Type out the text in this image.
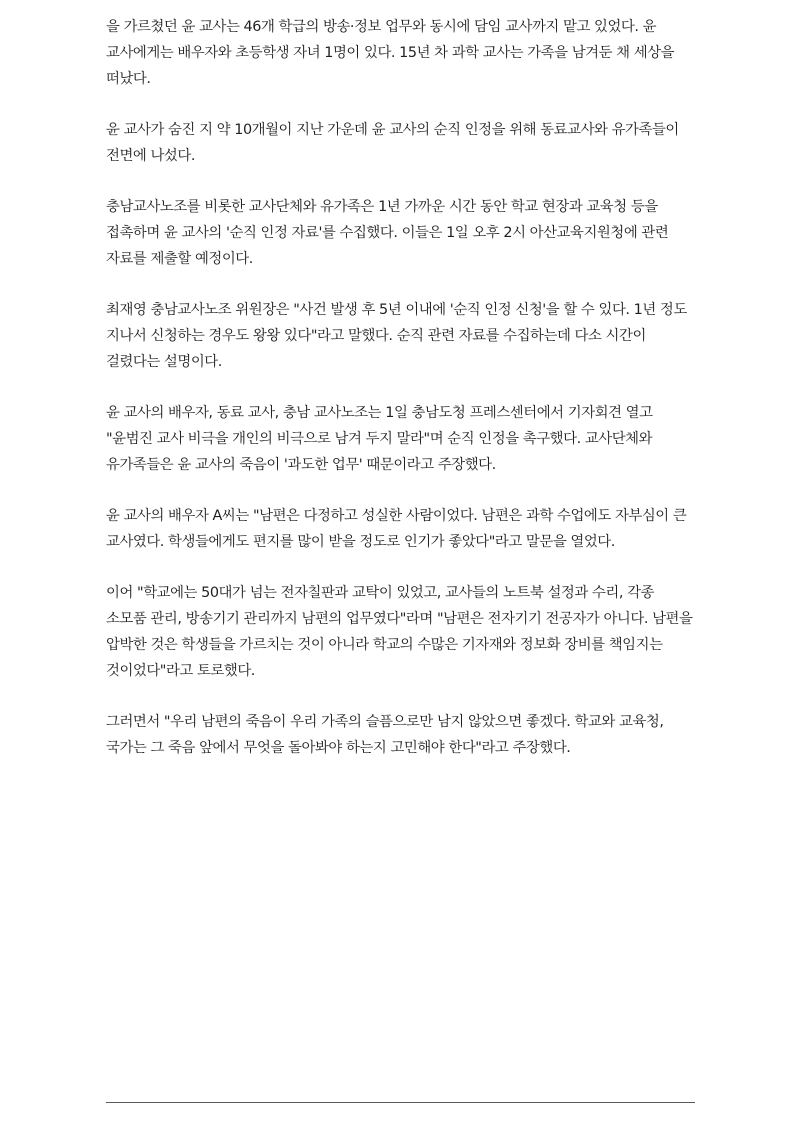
을 가르쳤던 윤 교사는 46개 학급의 방송·정보 업무와 동시에 담임 교사까지 맡고 있었다. 윤 교사에게는 배우자와 초등학생 자녀 1명이 있다. 15년 차 과학 교사는 가족을 남겨둔 채 세상을 떠났다.

윤 교사가 숨진 지 약 10개월이 지난 가운데 윤 교사의 순직 인정을 위해 동료교사와 유가족들이 전면에 나섰다.

충남교사노조를 비롯한 교사단체와 유가족은 1년 가까운 시간 동안 학교 현장과 교육청 등을 접촉하며 윤 교사의 '순직 인정 자료'를 수집했다. 이들은 1일 오후 2시 아산교육지원청에 관련 자료를 제출할 예정이다.

최재영 충남교사노조 위원장은 "사건 발생 후 5년 이내에 '순직 인정 신청'을 할 수 있다. 1년 정도 지나서 신청하는 경우도 왕왕 있다"라고 말했다. 순직 관련 자료를 수집하는데 다소 시간이 걸렸다는 설명이다.

윤 교사의 배우자, 동료 교사, 충남 교사노조는 1일 충남도청 프레스센터에서 기자회견 열고 "윤범진 교사 비극을 개인의 비극으로 남겨 두지 말라"며 순직 인정을 촉구했다. 교사단체와 유가족들은 윤 교사의 죽음이 '과도한 업무' 때문이라고 주장했다.

윤 교사의 배우자 A씨는 "남편은 다정하고 성실한 사람이었다. 남편은 과학 수업에도 자부심이 큰 교사였다. 학생들에게도 편지를 많이 받을 정도로 인기가 좋았다"라고 말문을 열었다.

이어 "학교에는 50대가 넘는 전자칠판과 교탁이 있었고, 교사들의 노트북 설정과 수리, 각종 소모품 관리, 방송기기 관리까지 남편의 업무였다"라며 "남편은 전자기기 전공자가 아니다. 남편을 압박한 것은 학생들을 가르치는 것이 아니라 학교의 수많은 기자재와 정보화 장비를 책임지는 것이었다"라고 토로했다.

그러면서 "우리 남편의 죽음이 우리 가족의 슬픔으로만 남지 않았으면 좋겠다. 학교와 교육청, 국가는 그 죽음 앞에서 무엇을 돌아봐야 하는지 고민해야 한다"라고 주장했다.
